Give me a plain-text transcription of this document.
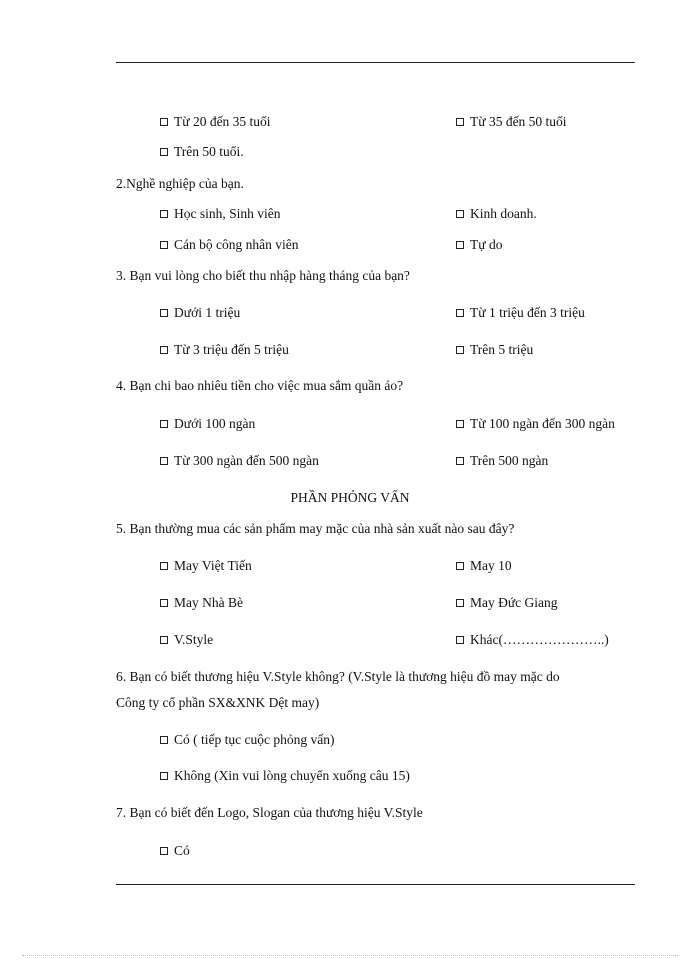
Từ 20 đến 35 tuổi	Từ 35 đến 50 tuổi
Trên 50 tuổi.
2.Nghề nghiệp của bạn.
Học sinh, Sinh viên	Kinh doanh.
Cán bộ công nhân viên	Tự do
3. Bạn vui lòng cho biết thu nhập hàng tháng của bạn?
Dưới 1 triệu	Từ 1 triệu đến 3 triệu
Từ 3 triệu đến 5 triệu	Trên 5 triệu
4. Bạn chi bao nhiêu tiền cho việc mua sắm quần áo?
Dưới 100 ngàn	Từ 100 ngàn đến 300 ngàn
Từ 300 ngàn đến 500 ngàn	Trên 500 ngàn
PHẦN PHỎNG VẤN
5. Bạn thường mua các sản phẩm may mặc của nhà sản xuất nào sau đây?
May Việt Tiến	May 10
May Nhà Bè	May Đức Giang
V.Style	Khác(…………………..)
6. Bạn có biết thương hiệu V.Style không? (V.Style là thương hiệu đồ may mặc do
Công ty cổ phần SX&XNK Dệt may)
Có ( tiếp tục cuộc phỏng vấn)
Không (Xin vui lòng chuyển xuống câu 15)
7. Bạn có biết đến Logo, Slogan của thương hiệu V.Style
Có
